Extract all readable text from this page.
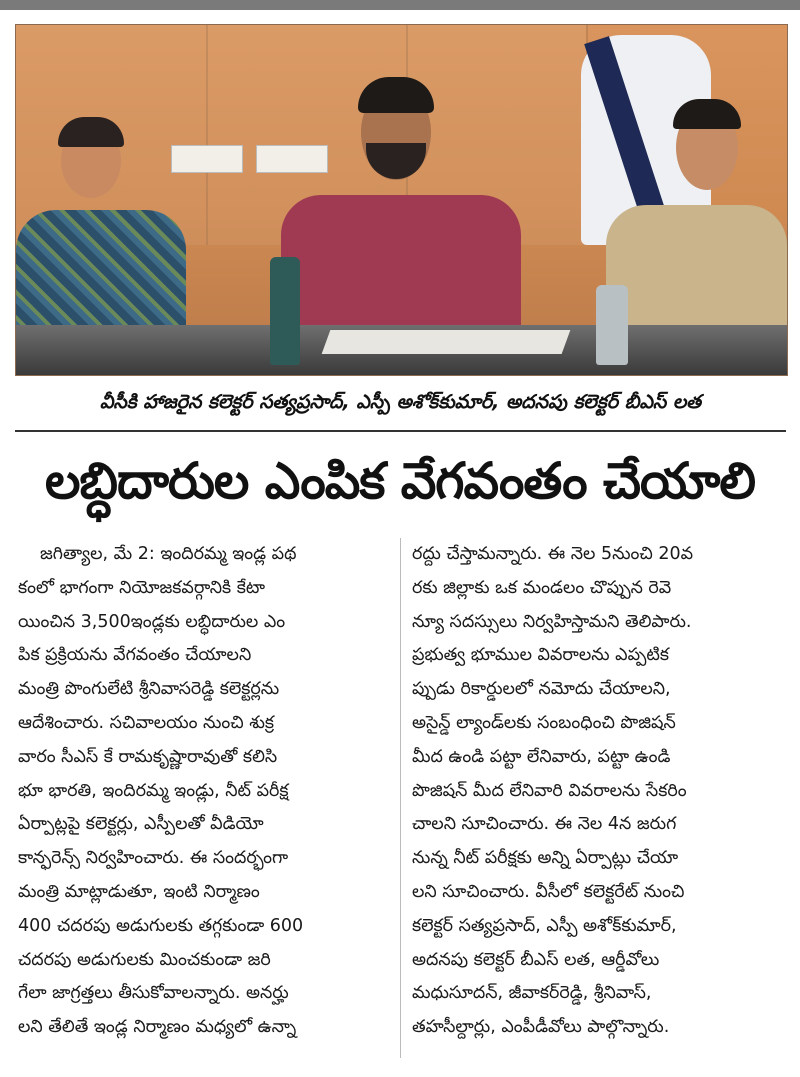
వీసీకి హాజరైన కలెక్టర్ సత్యప్రసాద్, ఎస్పీ అశోక్‌కుమార్, అదనపు కలెక్టర్ బీఎస్ లత
లబ్ధిదారుల ఎంపిక వేగవంతం చేయాలి
జగిత్యాల, మే 2: ఇందిరమ్మ ఇండ్ల పథ
కంలో భాగంగా నియోజకవర్గానికి కేటా
యించిన 3,500ఇండ్లకు లబ్ధిదారుల ఎం
పిక ప్రక్రియను వేగవంతం చేయాలని
మంత్రి పొంగులేటి శ్రీనివాసరెడ్డి కలెక్టర్లను
ఆదేశించారు. సచివాలయం నుంచి శుక్ర
వారం సీఎస్ కే రామకృష్ణారావుతో కలిసి
భూ భారతి, ఇందిరమ్మ ఇండ్లు, నీట్ పరీక్ష
ఏర్పాట్లపై కలెక్టర్లు, ఎస్పీలతో వీడియో
కాన్ఫరెన్స్ నిర్వహించారు. ఈ సందర్భంగా
మంత్రి మాట్లాడుతూ, ఇంటి నిర్మాణం
400 చదరపు అడుగులకు తగ్గకుండా 600
చదరపు అడుగులకు మించకుండా జరి
గేలా జాగ్రత్తలు తీసుకోవాలన్నారు. అనర్హు
లని తేలితే ఇండ్ల నిర్మాణం మధ్యలో ఉన్నా
రద్దు చేస్తామన్నారు. ఈ నెల 5నుంచి 20వ
రకు జిల్లాకు ఒక మండలం చొప్పున రెవె
న్యూ సదస్సులు నిర్వహిస్తామని తెలిపారు.
ప్రభుత్వ భూముల వివరాలను ఎప్పటిక
ప్పుడు రికార్డులలో నమోదు చేయాలని,
అసైన్డ్ ల్యాండ్‌లకు సంబంధించి పొజిషన్
మీద ఉండి పట్టా లేనివారు, పట్టా ఉండి
పొజిషన్ మీద లేనివారి వివరాలను సేకరిం
చాలని సూచించారు. ఈ నెల 4న జరుగ
నున్న నీట్ పరీక్షకు అన్ని ఏర్పాట్లు చేయా
లని సూచించారు. వీసీలో కలెక్టరేట్ నుంచి
కలెక్టర్ సత్యప్రసాద్, ఎస్పీ అశోక్‌కుమార్,
అదనపు కలెక్టర్ బీఎస్ లత, ఆర్డీవోలు
మధుసూదన్, జీవాకర్‌రెడ్డి, శ్రీనివాస్,
తహసీల్దార్లు, ఎంపీడీవోలు పాల్గొన్నారు.
